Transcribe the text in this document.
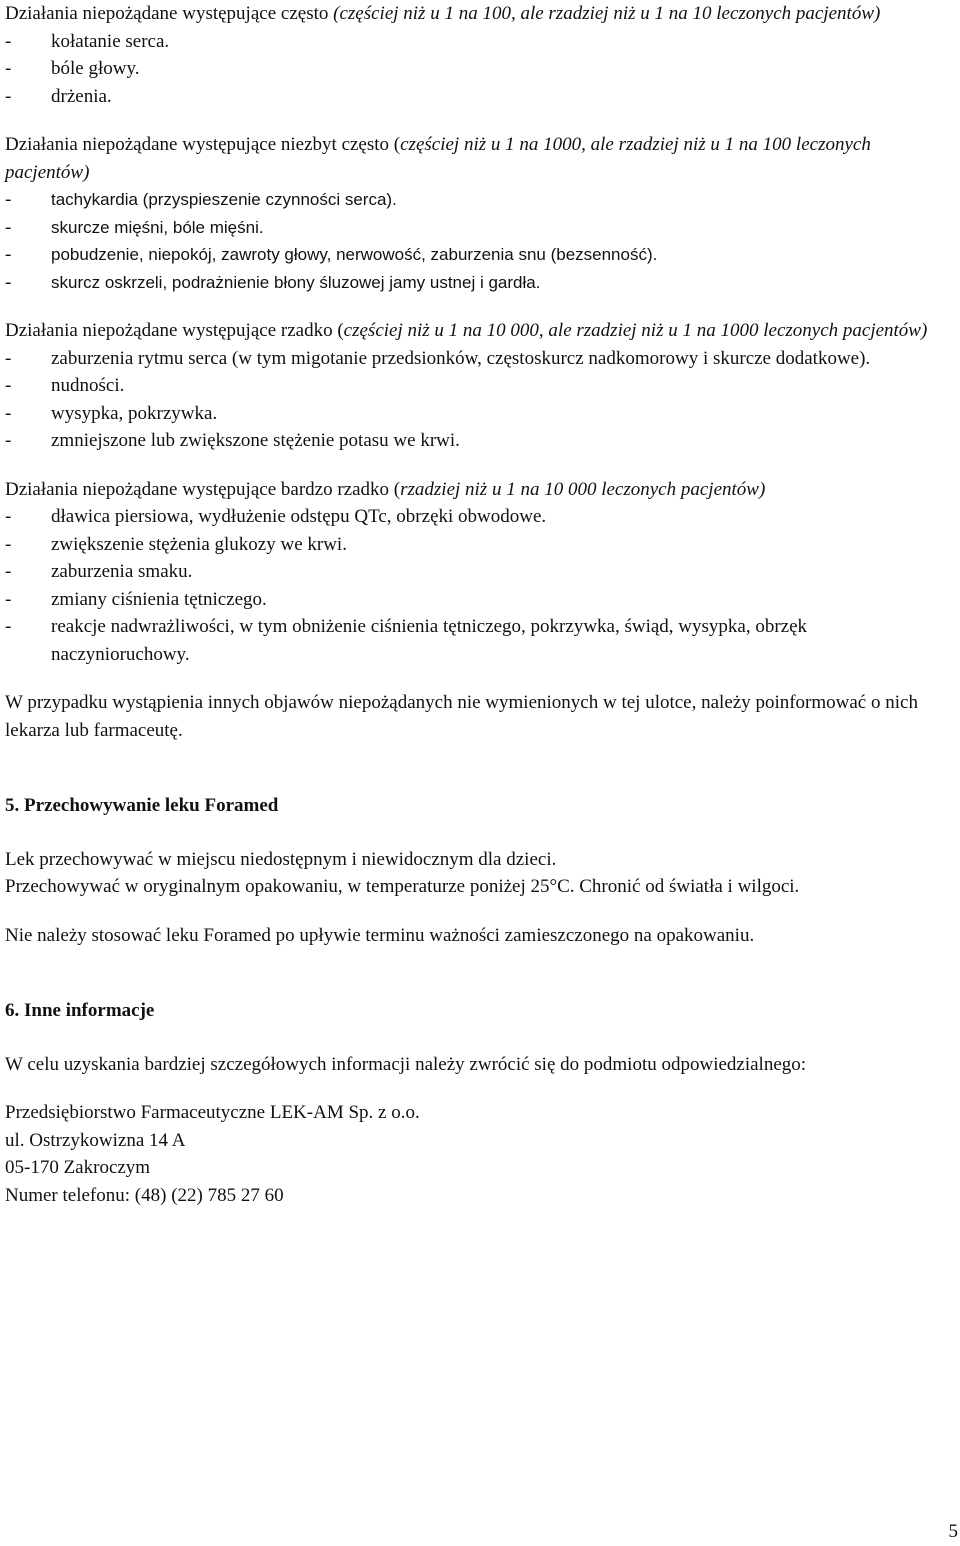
Działania niepożądane występujące często (częściej niż u 1 na 100, ale rzadziej niż u 1 na 10 leczonych pacjentów)

- kołatanie serca.
- bóle głowy.
- drżenia.

Działania niepożądane występujące niezbyt często (częściej niż u 1 na 1000, ale rzadziej niż u 1 na 100 leczonych pacjentów)

- tachykardia (przyspieszenie czynności serca).
- skurcze mięśni, bóle mięśni.
- pobudzenie, niepokój, zawroty głowy, nerwowość, zaburzenia snu (bezsenność).
- skurcz oskrzeli, podrażnienie błony śluzowej jamy ustnej i gardła.

Działania niepożądane występujące rzadko (częściej niż u 1 na 10 000, ale rzadziej niż u 1 na 1000 leczonych pacjentów)

- zaburzenia rytmu serca (w tym migotanie przedsionków, częstoskurcz nadkomorowy i skurcze dodatkowe).
- nudności.
- wysypka, pokrzywka.
- zmniejszone lub zwiększone stężenie potasu we krwi.

Działania niepożądane występujące bardzo rzadko (rzadziej niż u 1 na 10 000 leczonych pacjentów)

- dławica piersiowa, wydłużenie odstępu QTc, obrzęki obwodowe.
- zwiększenie stężenia glukozy we krwi.
- zaburzenia smaku.
- zmiany ciśnienia tętniczego.
- reakcje nadwrażliwości, w tym obniżenie ciśnienia tętniczego, pokrzywka, świąd, wysypka, obrzęk naczynioruchowy.

W przypadku wystąpienia innych objawów niepożądanych nie wymienionych w tej ulotce, należy poinformować o nich lekarza lub farmaceutę.

5. Przechowywanie leku Foramed

Lek przechowywać w miejscu niedostępnym i niewidocznym dla dzieci.

Przechowywać w oryginalnym opakowaniu, w temperaturze poniżej 25°C. Chronić od światła i wilgoci.

Nie należy stosować leku Foramed po upływie terminu ważności zamieszczonego na opakowaniu.

6. Inne informacje

W celu uzyskania bardziej szczegółowych informacji należy zwrócić się do podmiotu odpowiedzialnego:

Przedsiębiorstwo Farmaceutyczne LEK-AM Sp. z o.o.
ul. Ostrzykowizna 14 A
05-170 Zakroczym
Numer telefonu: (48) (22) 785 27 60
5
